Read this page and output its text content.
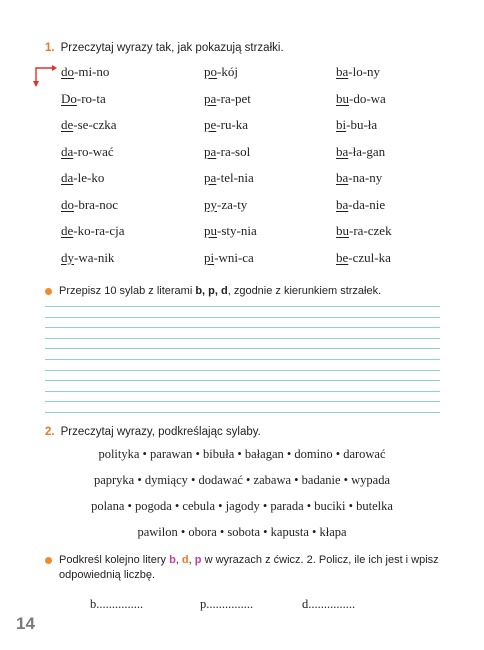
1. Przeczytaj wyrazy tak, jak pokazują strzałki.
do-mi-no
Do-ro-ta
de-se-czka
da-ro-wać
da-le-ko
do-bra-noc
de-ko-ra-cja
dy-wa-nik
po-kój
pa-ra-pet
pe-ru-ka
pa-ra-sol
pa-tel-nia
py-za-ty
pu-sty-nia
pi-wni-ca
ba-lo-ny
bu-do-wa
bi-bu-ła
ba-ła-gan
ba-na-ny
ba-da-nie
bu-ra-czek
be-czul-ka
Przepisz 10 sylab z literami b, p, d, zgodnie z kierunkiem strzałek.
2. Przeczytaj wyrazy, podkreślając sylaby.
polityka • parawan • bibuła • bałagan • domino • darować
papryka • dymiący • dodawać • zabawa • badanie • wypada
polana • pogoda • cebula • jagody • parada • buciki • butelka
pawilon • obora • sobota • kapusta • kłapa
Podkreśl kolejno litery b, d, p w wyrazach z ćwicz. 2. Policz, ile ich jest i wpisz odpowiednią liczbę.
b...............	p...............	d...............
14
